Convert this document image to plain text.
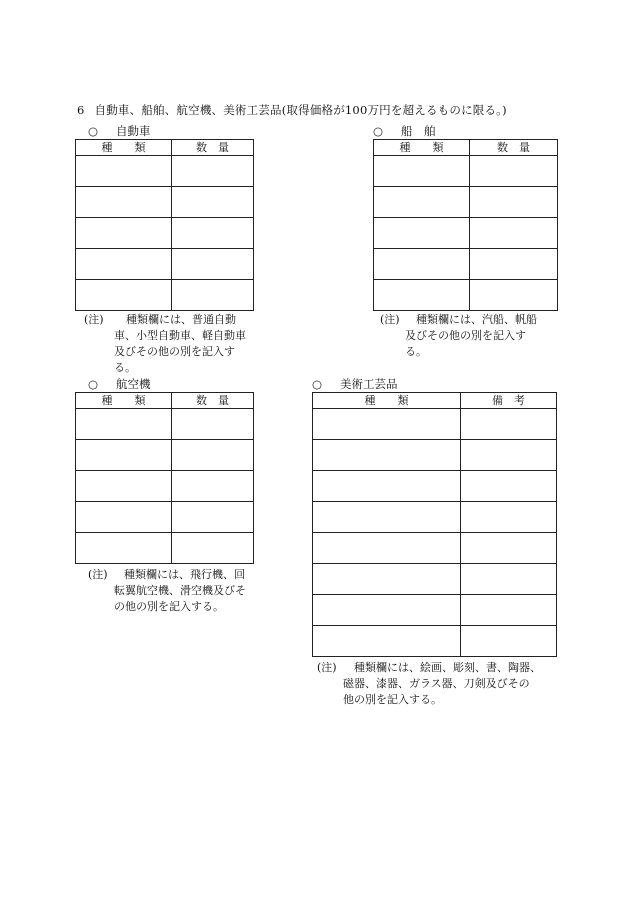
6 自動車、船舶、航空機、美術工芸品(取得価格が100万円を超えるものに限る。)
○ 自動車
種　　類	数　量

(注) 種類欄には、普通自動
車、小型自動車、軽自動車
及びその他の別を記入す
る。
○ 船　舶
種　　類	数　量

(注) 種類欄には、汽船、帆船
及びその他の別を記入す
る。
○ 航空機
種　　類	数　量

(注) 種類欄には、飛行機、回
転翼航空機、滑空機及びそ
の他の別を記入する。
○ 美術工芸品
種　　類	備　考

(注) 種類欄には、絵画、彫刻、書、陶器、
磁器、漆器、ガラス器、刀剣及びその
他の別を記入する。
